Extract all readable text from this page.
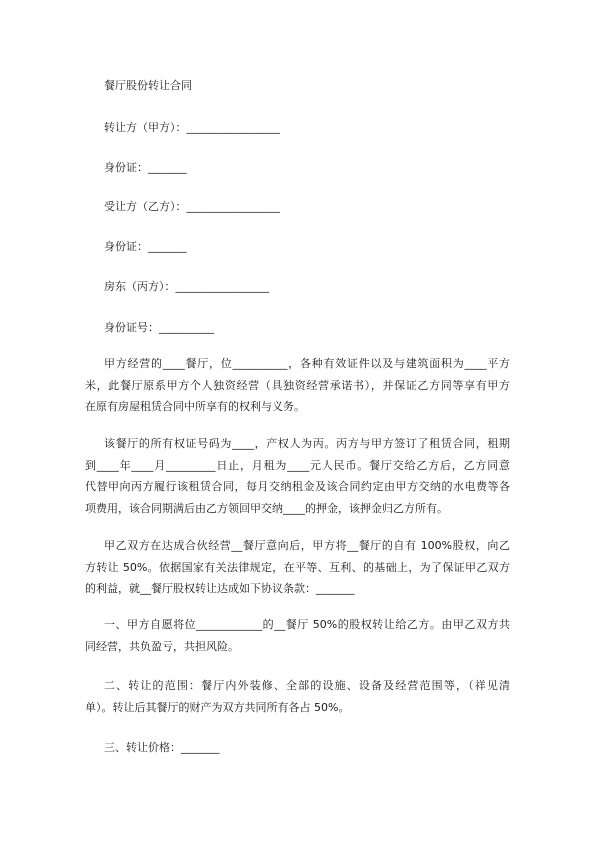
餐厅股份转让合同

转让方（甲方）：_________________

身份证：_______

受让方（乙方）：_________________

身份证：_______

房东（丙方）：_________________

身份证号：__________

甲方经营的____餐厅，位__________，各种有效证件以及与建筑面积为____平方
米，此餐厅原系甲方个人独资经营（具独资经营承诺书），并保证乙方同等享有甲方
在原有房屋租赁合同中所享有的权利与义务。
该餐厅的所有权证号码为____，产权人为丙。丙方与甲方签订了租赁合同，租期
到____年____月_________日止，月租为____元人民币。餐厅交给乙方后，乙方同意
代替甲向丙方履行该租赁合同，每月交纳租金及该合同约定由甲方交纳的水电费等各
项费用，该合同期满后由乙方领回甲交纳____的押金，该押金归乙方所有。
甲乙双方在达成合伙经营__餐厅意向后，甲方将__餐厅的自有 100%股权，向乙
方转让 50%。依据国家有关法律规定，在平等、互利、的基础上，为了保证甲乙双方
的利益，就__餐厅股权转让达成如下协议条款：_______
一、甲方自愿将位____________的__餐厅 50%的股权转让给乙方。由甲乙双方共
同经营，共负盈亏，共担风险。
二、转让的范围：餐厅内外装修、全部的设施、设备及经营范围等，（祥见清
单）。转让后其餐厅的财产为双方共同所有各占 50%。

三、转让价格：_______
